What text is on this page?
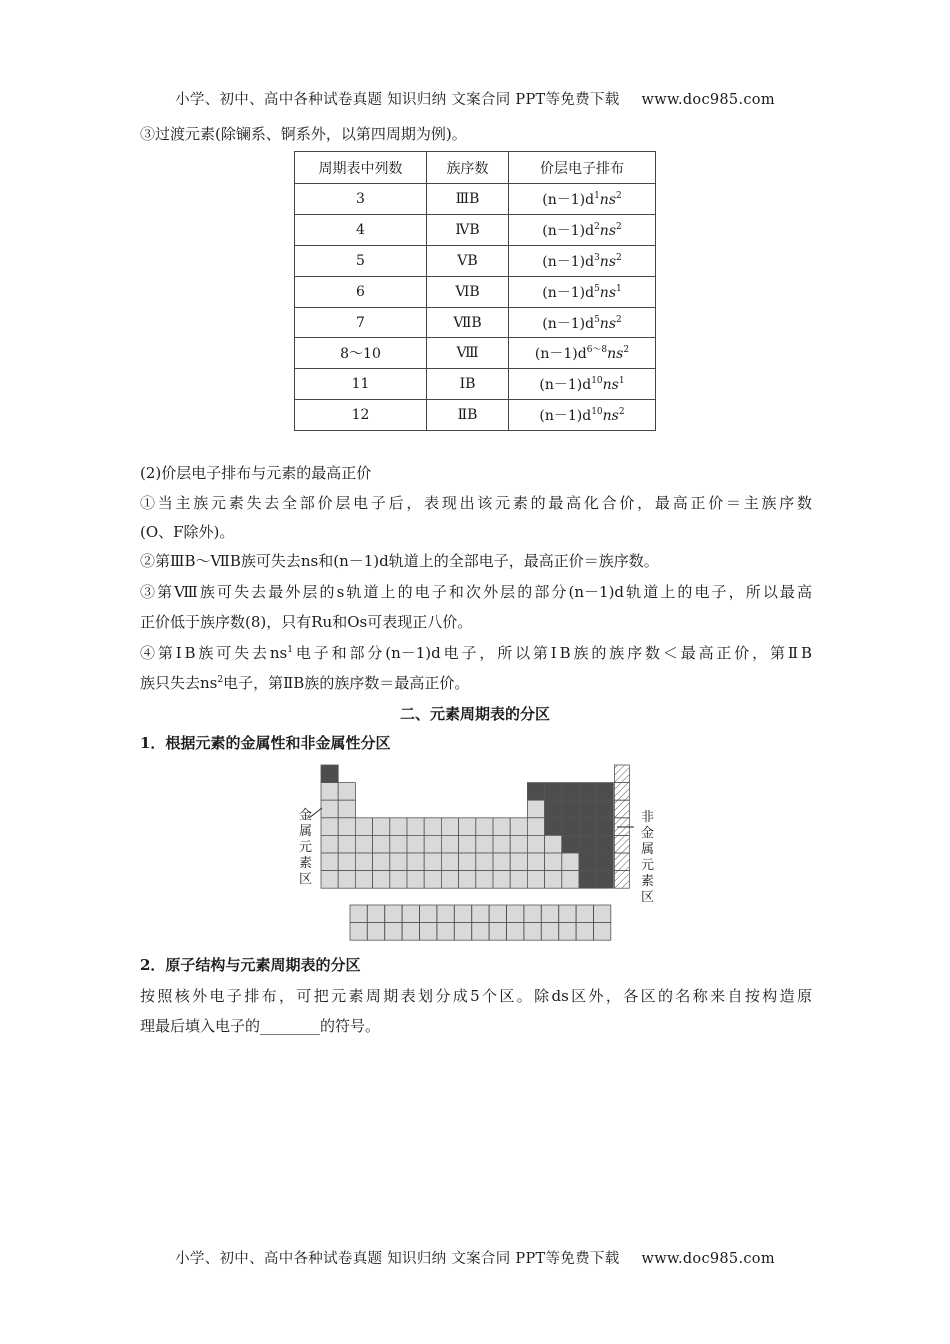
小学、初中、高中各种试卷真题 知识归纳 文案合同 PPT等免费下载 www.doc985.com
③过渡元素(除镧系、锕系外，以第四周期为例)。
周期表中列数	族序数	价层电子排布
3	ⅢB	$(n-1)d^1ns^2$
4	ⅣB	$(n-1)d^2ns^2$
5	ⅤB	$(n-1)d^3ns^2$
6	ⅥB	$(n-1)d^5ns^1$
7	ⅦB	$(n-1)d^5ns^2$
8～10	Ⅷ	$(n-1)d^{6\sim 8}ns^2$
11	ⅠB	$(n-1)d^{10}ns^1$
12	ⅡB	$(n-1)d^{10}ns^2$
(2)价层电子排布与元素的最高正价
①当主族元素失去全部价层电子后，表现出该元素的最高化合价，最高正价＝主族序数
(O、F除外)。
②第ⅢB～ⅦB族可失去ns和(n－1)d轨道上的全部电子，最高正价＝族序数。
③第Ⅷ族可失去最外层的s轨道上的电子和次外层的部分(n－1)d轨道上的电子，所以最高
正价低于族序数(8)，只有Ru和Os可表现正八价。
④第ⅠB族可失去$ns^1$电子和部分(n－1)d电子，所以第ⅠB族的族序数＜最高正价，第ⅡB
族只失去$ns^2$电子，第ⅡB族的族序数＝最高正价。
二、元素周期表的分区
1．根据元素的金属性和非金属性分区
金属元素区
非金属元素区
2．原子结构与元素周期表的分区
按照核外电子排布，可把元素周期表划分成5个区。除ds区外，各区的名称来自按构造原
理最后填入电子的________的符号。
小学、初中、高中各种试卷真题 知识归纳 文案合同 PPT等免费下载 www.doc985.com
